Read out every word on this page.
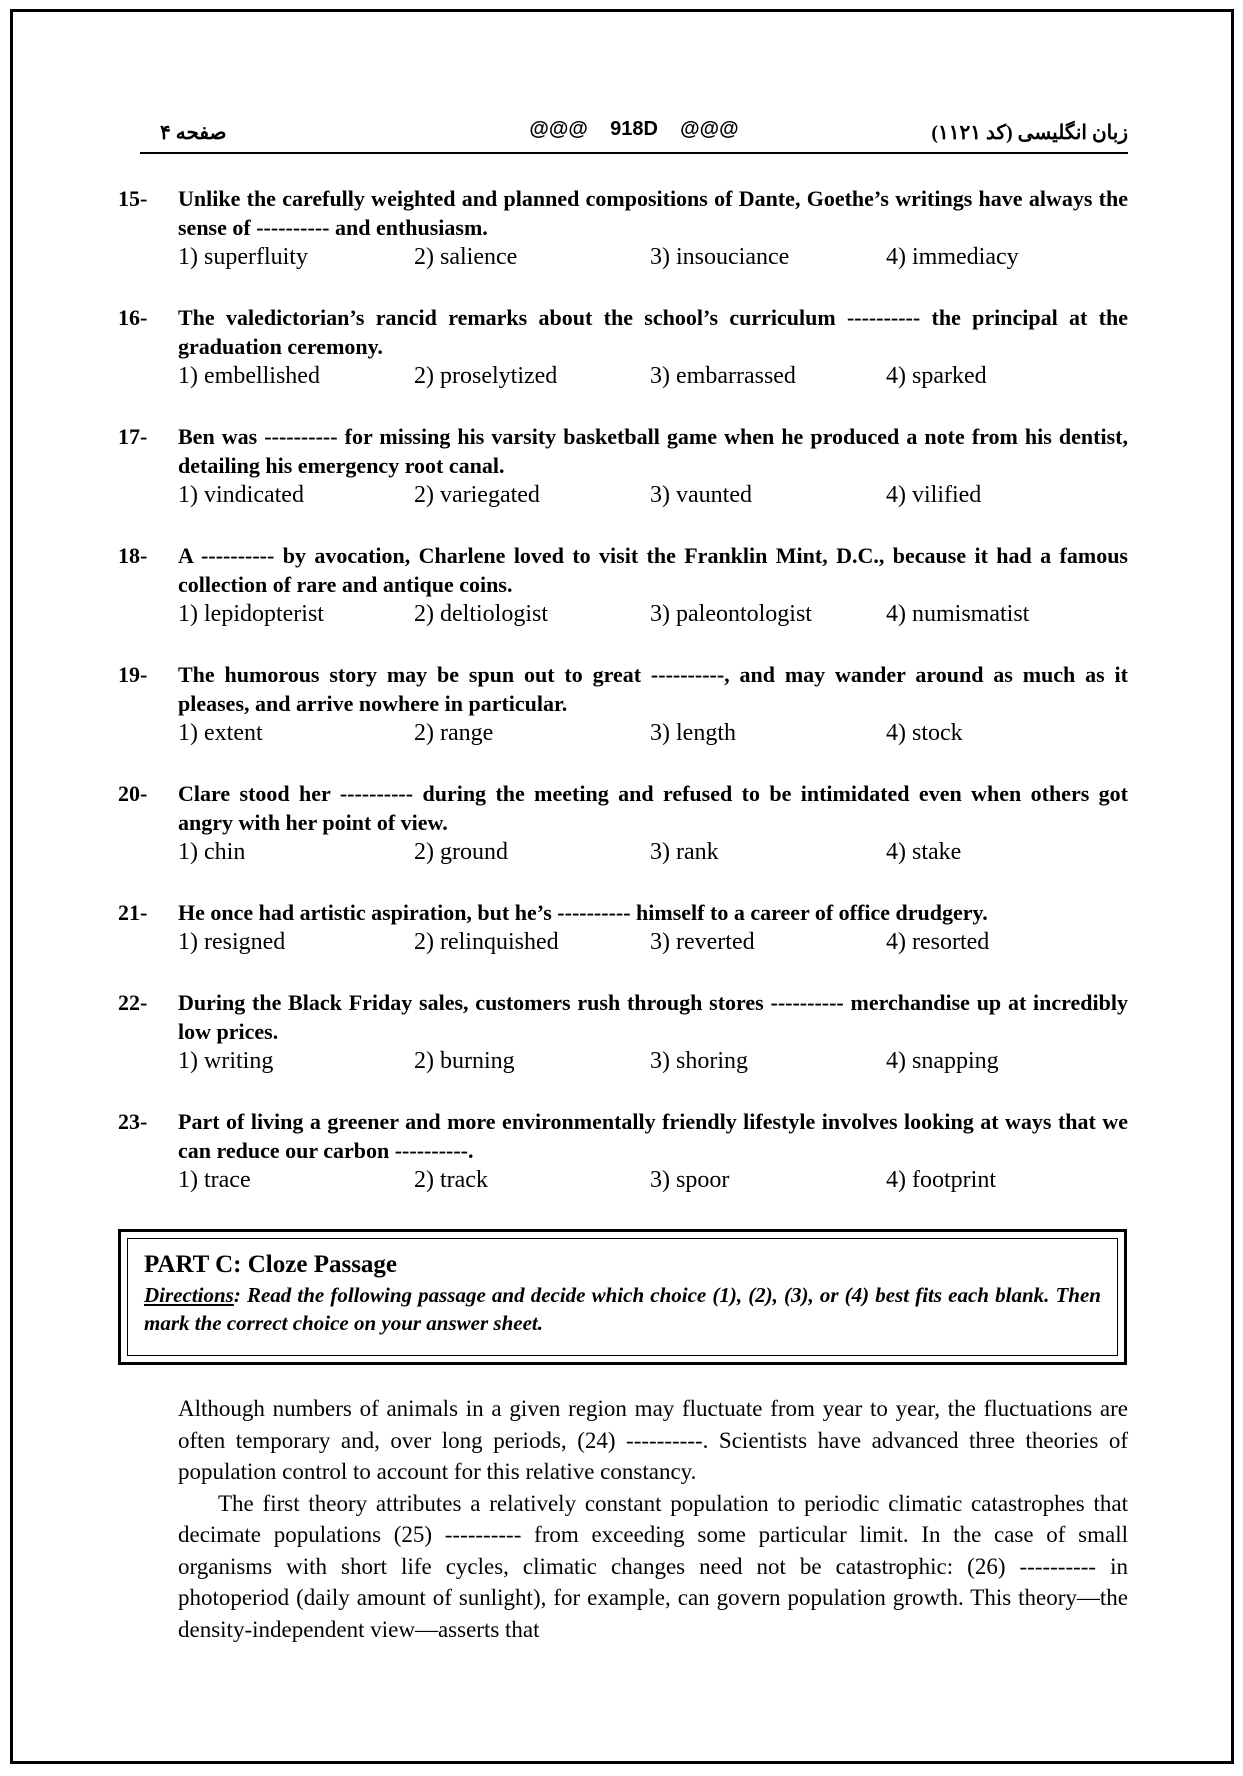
صفحه ۴	@@@    918D    @@@	زبان انگلیسی (کد ۱۱۲۱)
15- Unlike the carefully weighted and planned compositions of Dante, Goethe’s writings have always the sense of ---------- and enthusiasm.
1) superfluity	2) salience	3) insouciance	4) immediacy
16- The valedictorian’s rancid remarks about the school’s curriculum ---------- the principal at the graduation ceremony.
1) embellished	2) proselytized	3) embarrassed	4) sparked
17- Ben was ---------- for missing his varsity basketball game when he produced a note from his dentist, detailing his emergency root canal.
1) vindicated	2) variegated	3) vaunted	4) vilified
18- A ---------- by avocation, Charlene loved to visit the Franklin Mint, D.C., because it had a famous collection of rare and antique coins.
1) lepidopterist	2) deltiologist	3) paleontologist	4) numismatist
19- The humorous story may be spun out to great ----------, and may wander around as much as it pleases, and arrive nowhere in particular.
1) extent	2) range	3) length	4) stock
20- Clare stood her ---------- during the meeting and refused to be intimidated even when others got angry with her point of view.
1) chin	2) ground	3) rank	4) stake
21- He once had artistic aspiration, but he’s ---------- himself to a career of office drudgery.
1) resigned	2) relinquished	3) reverted	4) resorted
22- During the Black Friday sales, customers rush through stores ---------- merchandise up at incredibly low prices.
1) writing	2) burning	3) shoring	4) snapping
23- Part of living a greener and more environmentally friendly lifestyle involves looking at ways that we can reduce our carbon ----------.
1) trace	2) track	3) spoor	4) footprint
PART C: Cloze Passage
Directions: Read the following passage and decide which choice (1), (2), (3), or (4) best fits each blank. Then mark the correct choice on your answer sheet.

Although numbers of animals in a given region may fluctuate from year to year, the fluctuations are often temporary and, over long periods, (24) ----------. Scientists have advanced three theories of population control to account for this relative constancy.

The first theory attributes a relatively constant population to periodic climatic catastrophes that decimate populations (25) ---------- from exceeding some particular limit. In the case of small organisms with short life cycles, climatic changes need not be catastrophic: (26) ---------- in photoperiod (daily amount of sunlight), for example, can govern population growth. This theory—the density-independent view—asserts that
